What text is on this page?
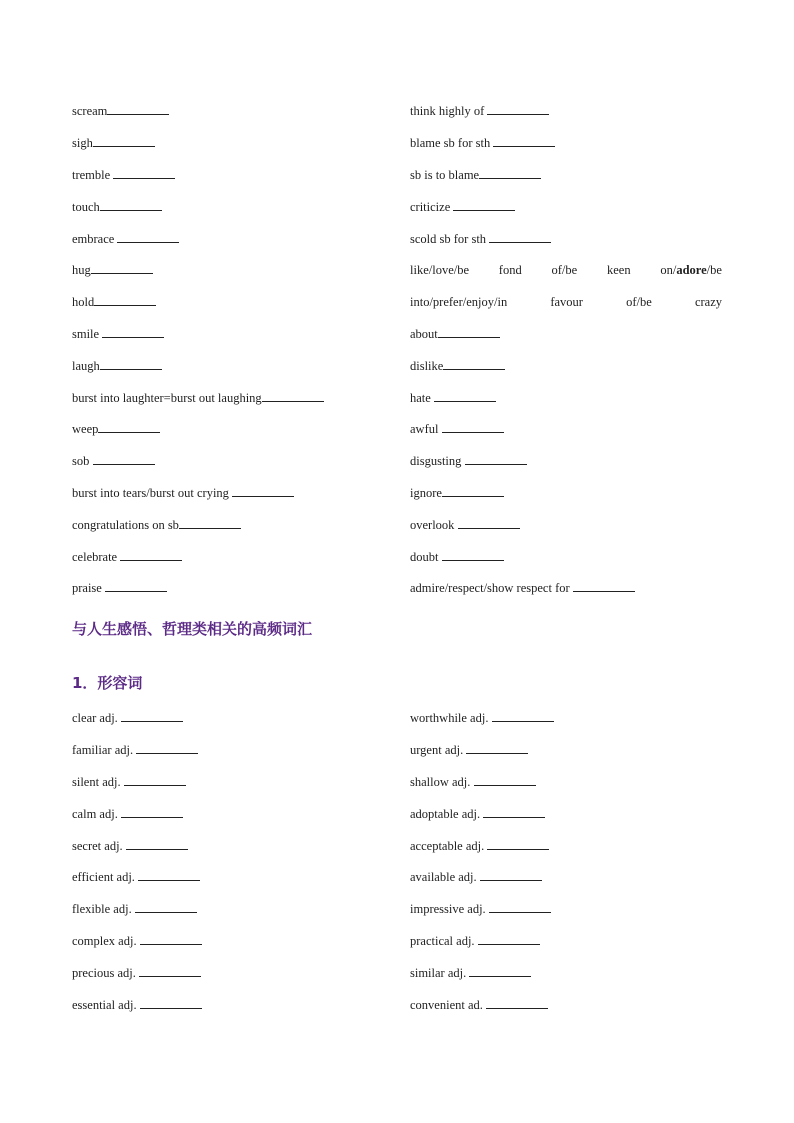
scream
sigh
tremble
touch
embrace
hug
hold
smile
laugh
burst into laughter=burst out laughing
weep
sob
burst into tears/burst out crying
congratulations on sb
celebrate
praise
think highly of
blame sb for sth
sb is to blame
criticize
scold sb for sth
like/love/be fond of/be keen on/adore/be
into/prefer/enjoy/in	favour	of/be	crazy
about
dislike
hate
awful
disgusting
ignore
overlook
doubt
admire/respect/show respect for
与人生感悟、哲理类相关的高频词汇
1．形容词
clear adj.
familiar adj.
silent adj.
calm adj.
secret adj.
efficient adj.
flexible adj.
complex adj.
precious adj.
essential adj.
worthwhile adj.
urgent adj.
shallow adj.
adoptable adj.
acceptable adj.
available adj.
impressive adj.
practical adj.
similar adj.
convenient ad.
